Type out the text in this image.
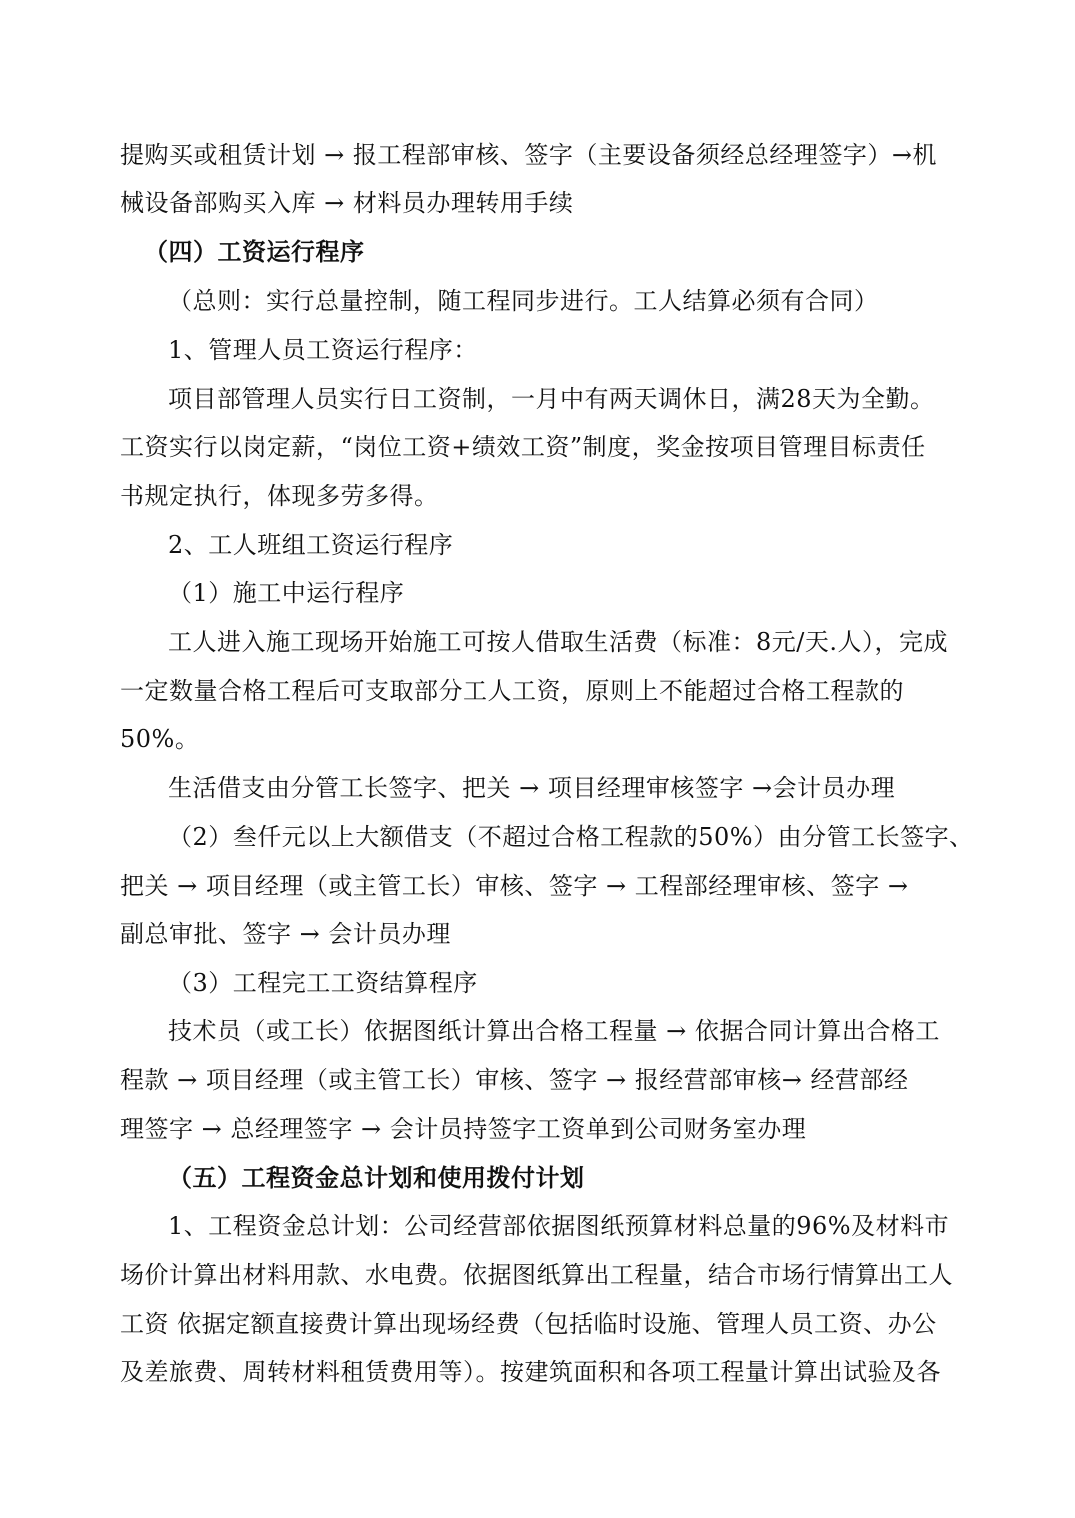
提购买或租赁计划 → 报工程部审核、签字（主要设备须经总经理签字）→机
械设备部购买入库 → 材料员办理转用手续
（四）工资运行程序
（总则：实行总量控制，随工程同步进行。工人结算必须有合同）
1、管理人员工资运行程序：
项目部管理人员实行日工资制，一月中有两天调休日，满28天为全勤。
工资实行以岗定薪，“岗位工资+绩效工资”制度，奖金按项目管理目标责任
书规定执行，体现多劳多得。
2、工人班组工资运行程序
（1）施工中运行程序
工人进入施工现场开始施工可按人借取生活费（标准：8元/天.人），完成
一定数量合格工程后可支取部分工人工资，原则上不能超过合格工程款的
50%。
生活借支由分管工长签字、把关 → 项目经理审核签字 →会计员办理
（2）叁仟元以上大额借支（不超过合格工程款的50%）由分管工长签字、
把关 → 项目经理（或主管工长）审核、签字 → 工程部经理审核、签字 →
副总审批、签字 → 会计员办理
（3）工程完工工资结算程序
技术员（或工长）依据图纸计算出合格工程量 → 依据合同计算出合格工
程款 → 项目经理（或主管工长）审核、签字 → 报经营部审核→ 经营部经
理签字 → 总经理签字 → 会计员持签字工资单到公司财务室办理
（五）工程资金总计划和使用拨付计划
1、工程资金总计划：公司经营部依据图纸预算材料总量的96%及材料市
场价计算出材料用款、水电费。依据图纸算出工程量，结合市场行情算出工人
工资 依据定额直接费计算出现场经费（包括临时设施、管理人员工资、办公
及差旅费、周转材料租赁费用等）。按建筑面积和各项工程量计算出试验及各
